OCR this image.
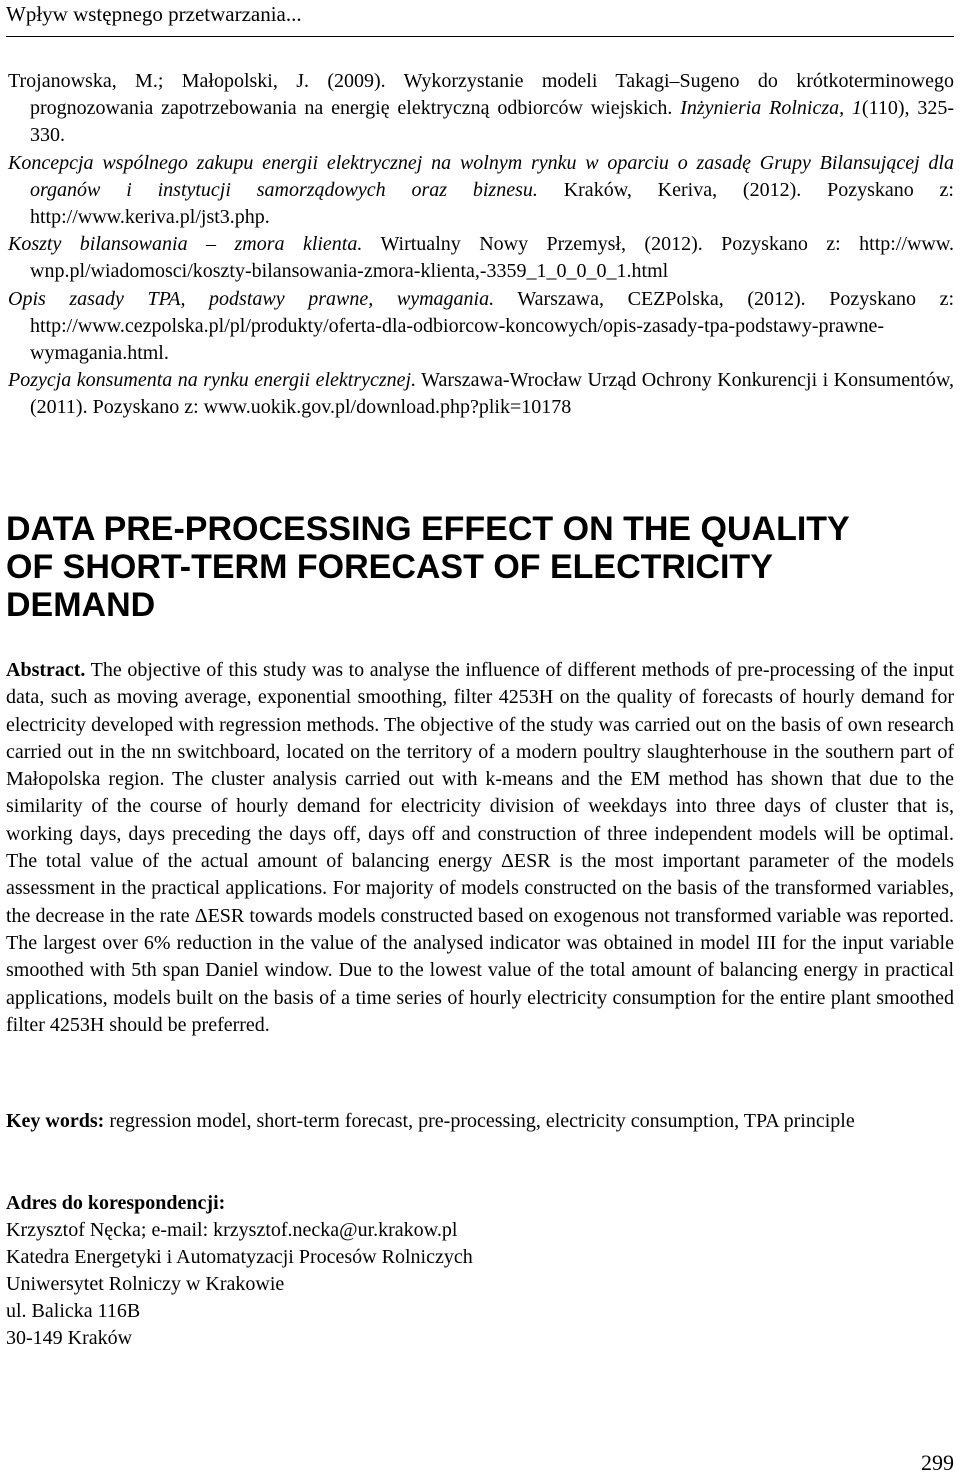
Wpływ wstępnego przetwarzania...

Trojanowska, M.; Małopolski, J. (2009). Wykorzystanie modeli Takagi–Sugeno do krótkoterminowego prognozowania zapotrzebowania na energię elektryczną odbiorców wiejskich. Inżynieria Rolnicza, 1(110), 325-330.

Koncepcja wspólnego zakupu energii elektrycznej na wolnym rynku w oparciu o zasadę Grupy Bilansującej dla organów i instytucji samorządowych oraz biznesu. Kraków, Keriva, (2012). Pozyskano z: http://www.keriva.pl/jst3.php.

Koszty bilansowania – zmora klienta. Wirtualny Nowy Przemysł, (2012). Pozyskano z: http://www. wnp.pl/wiadomosci/koszty-bilansowania-zmora-klienta,-3359_1_0_0_0_1.html

Opis zasady TPA, podstawy prawne, wymagania. Warszawa, CEZPolska, (2012). Pozyskano z: http://www.cezpolska.pl/pl/produkty/oferta-dla-odbiorcow-koncowych/opis-zasady-tpa-podstawy-prawne-wymagania.html.

Pozycja konsumenta na rynku energii elektrycznej. Warszawa-Wrocław Urząd Ochrony Konkurencji i Konsumentów, (2011). Pozyskano z: www.uokik.gov.pl/download.php?plik=10178

DATA PRE-PROCESSING EFFECT ON THE QUALITY
OF SHORT-TERM FORECAST OF ELECTRICITY
DEMAND

Abstract. The objective of this study was to analyse the influence of different methods of pre-processing of the input data, such as moving average, exponential smoothing, filter 4253H on the quality of forecasts of hourly demand for electricity developed with regression methods. The objective of the study was carried out on the basis of own research carried out in the nn switchboard, located on the territory of a modern poultry slaughterhouse in the southern part of Małopolska region. The cluster analysis carried out with k-means and the EM method has shown that due to the similarity of the course of hourly demand for electricity division of weekdays into three days of cluster that is, working days, days preceding the days off, days off and construction of three independent models will be optimal. The total value of the actual amount of balancing energy ΔESR is the most important parameter of the models assessment in the practical applications. For majority of models constructed on the basis of the transformed variables, the decrease in the rate ΔESR towards models constructed based on exogenous not transformed variable was reported. The largest over 6% reduction in the value of the analysed indicator was obtained in model III for the input variable smoothed with 5th span Daniel window. Due to the lowest value of the total amount of balancing energy in practical applications, models built on the basis of a time series of hourly electricity consumption for the entire plant smoothed filter 4253H should be preferred.

Key words: regression model, short-term forecast, pre-processing, electricity consumption, TPA principle

Adres do korespondencji:
Krzysztof Nęcka; e-mail: krzysztof.necka@ur.krakow.pl
Katedra Energetyki i Automatyzacji Procesów Rolniczych
Uniwersytet Rolniczy w Krakowie
ul. Balicka 116B
30-149 Kraków
299
